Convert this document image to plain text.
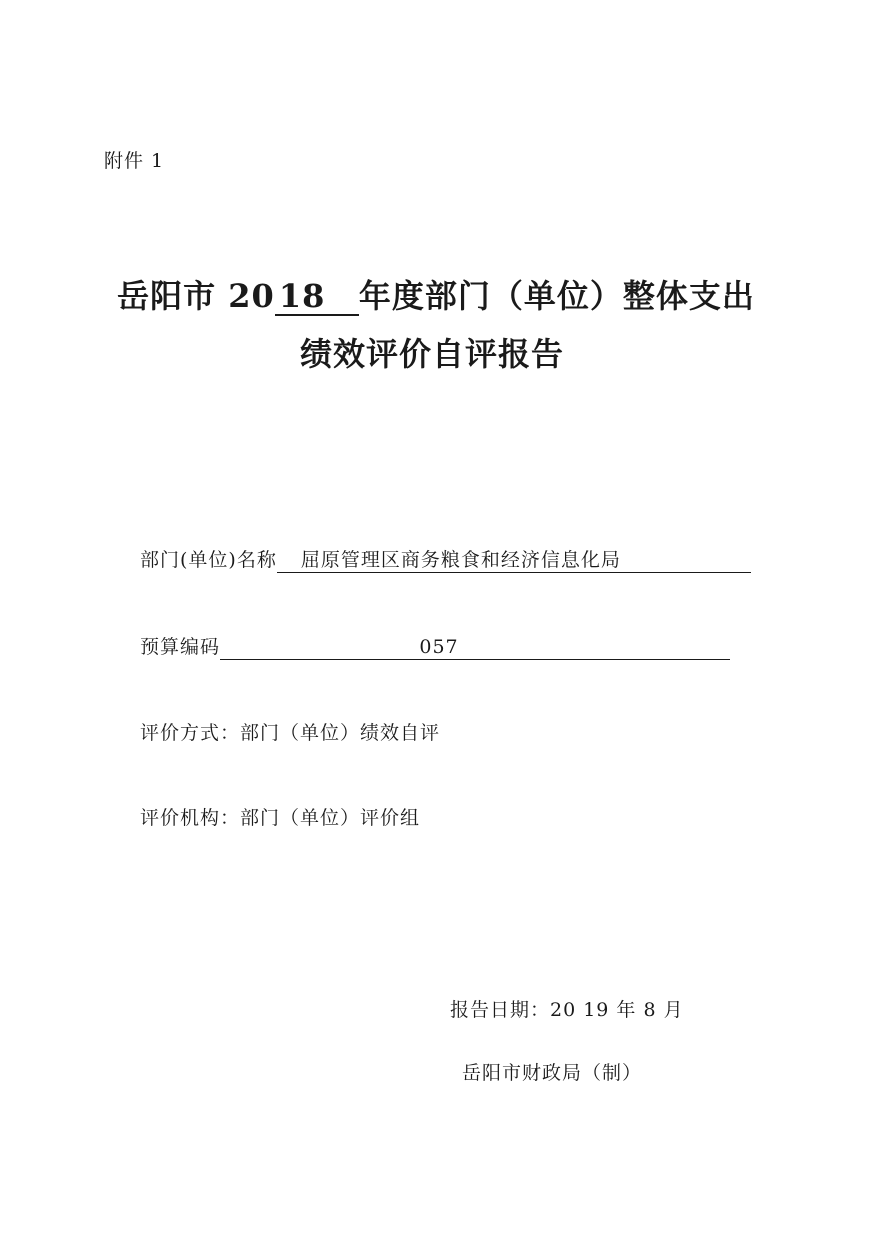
附件 1
岳阳市 20 18 年度部门（单位）整体支出
绩效评价自评报告
部门(单位)名称 屈原管理区商务粮食和经济信息化局
预算编码	057
评价方式：部门（单位）绩效自评
评价机构：部门（单位）评价组
报告日期：20 19 年 8 月
岳阳市财政局（制）
